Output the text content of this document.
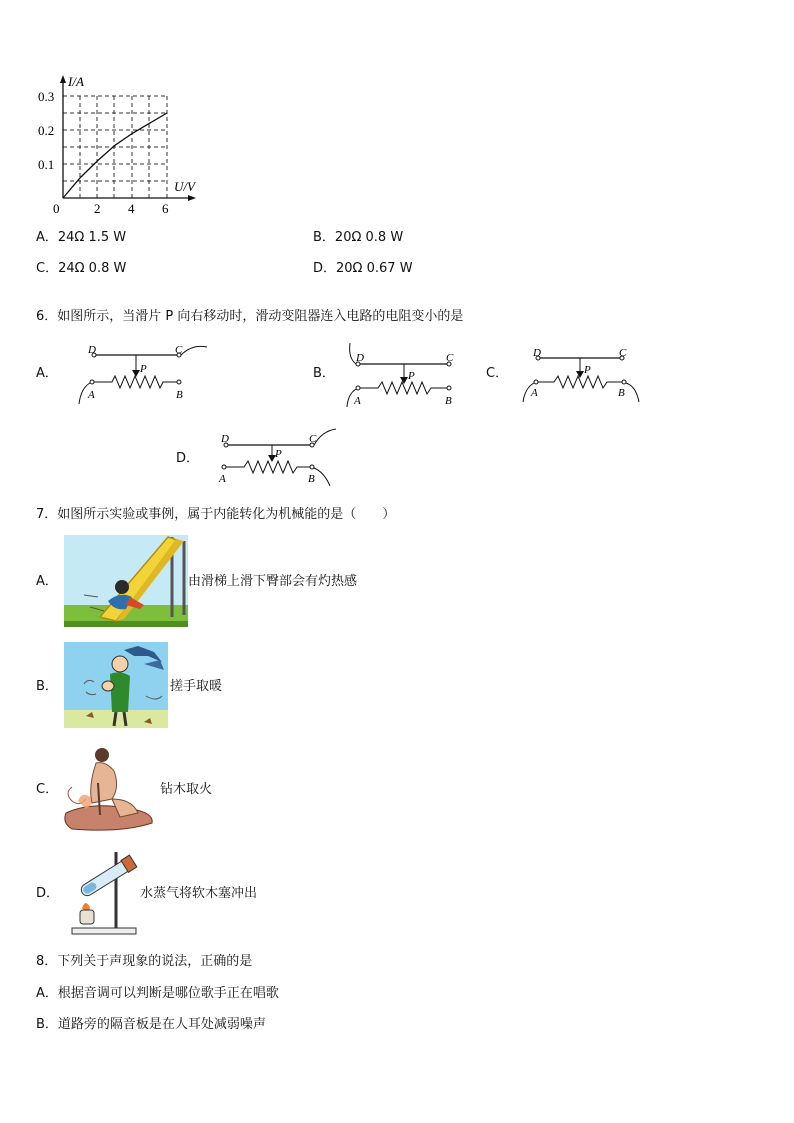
I/A
U/V
0.3
0.2
0.1
0	2 4 6
A．24Ω 1.5 W	B．20Ω 0.8 W
C．24Ω 0.8 W	D．20Ω 0.67 W
6．如图所示，当滑片 P 向右移动时，滑动变阻器连入电路的电阻变小的是
A．
D	C
P
A	B
B．
D	C
P
A	B
C．
D	C
P
A	B
D．
D	C
P
A	B
7．如图所示实验或事例，属于内能转化为机械能的是（　　）
A．	由滑梯上滑下臀部会有灼热感
B．	搓手取暖
C．	钻木取火
D．	水蒸气将软木塞冲出
8．下列关于声现象的说法，正确的是
A．根据音调可以判断是哪位歌手正在唱歌
B．道路旁的隔音板是在人耳处减弱噪声
